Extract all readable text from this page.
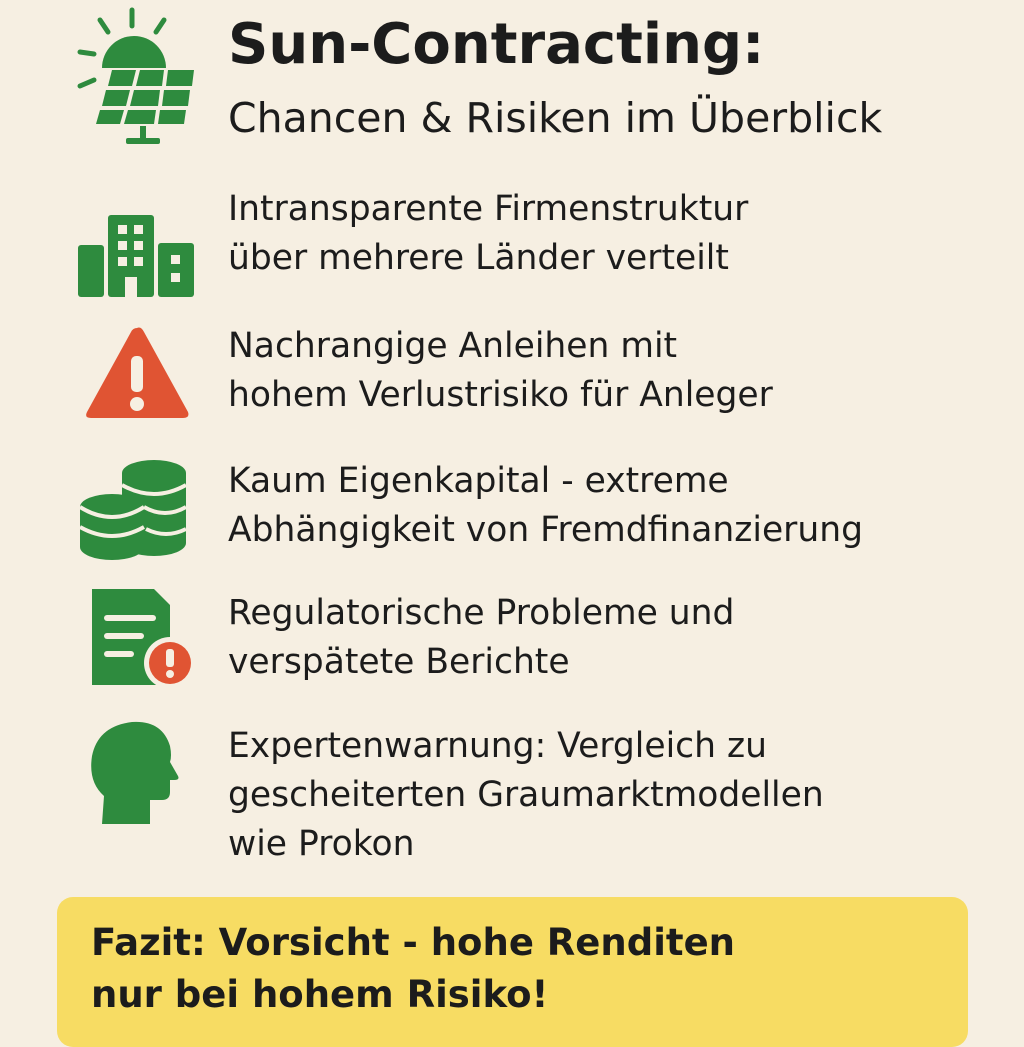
Sun-Contracting:
Chancen & Risiken im Überblick

Intransparente Firmenstruktur
über mehrere Länder verteilt

Nachrangige Anleihen mit
hohem Verlustrisiko für Anleger

Kaum Eigenkapital - extreme
Abhängigkeit von Fremdfinanzierung

Regulatorische Probleme und
verspätete Berichte

Expertenwarnung: Vergleich zu
gescheiterten Graumarktmodellen
wie Prokon

Fazit: Vorsicht - hohe Renditen
nur bei hohem Risiko!
